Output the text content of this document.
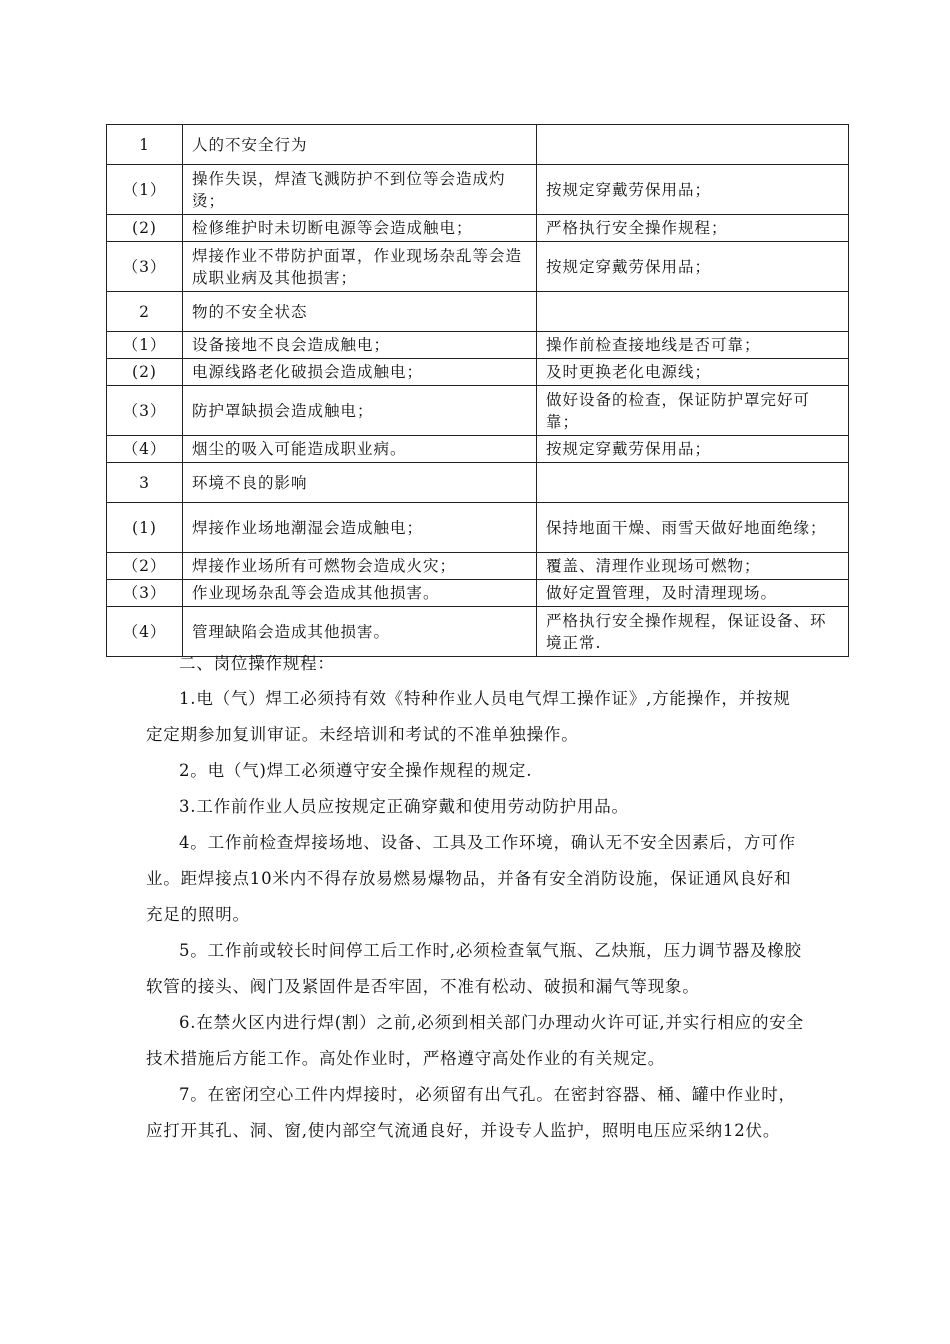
1	人的不安全行为	
（1）	操作失误，焊渣飞溅防护不到位等会造成灼烫；	按规定穿戴劳保用品；
(2)	检修维护时未切断电源等会造成触电；	严格执行安全操作规程；
（3）	焊接作业不带防护面罩，作业现场杂乱等会造成职业病及其他损害；	按规定穿戴劳保用品；
2	物的不安全状态	
（1）	设备接地不良会造成触电；	操作前检查接地线是否可靠；
(2)	电源线路老化破损会造成触电；	及时更换老化电源线；
（3）	防护罩缺损会造成触电；	做好设备的检查，保证防护罩完好可靠；
（4）	烟尘的吸入可能造成职业病。	按规定穿戴劳保用品；
3	环境不良的影响	
(1)	焊接作业场地潮湿会造成触电；	保持地面干燥、雨雪天做好地面绝缘；
（2）	焊接作业场所有可燃物会造成火灾；	覆盖、清理作业现场可燃物；
（3）	作业现场杂乱等会造成其他损害。	做好定置管理，及时清理现场。
（4）	管理缺陷会造成其他损害。	严格执行安全操作规程，保证设备、环境正常.

二、岗位操作规程：

1.电（气）焊工必须持有效《特种作业人员电气焊工操作证》,方能操作，并按规定定期参加复训审证。未经培训和考试的不准单独操作。

2。电（气)焊工必须遵守安全操作规程的规定.

3.工作前作业人员应按规定正确穿戴和使用劳动防护用品。

4。工作前检查焊接场地、设备、工具及工作环境，确认无不安全因素后，方可作业。距焊接点10米内不得存放易燃易爆物品，并备有安全消防设施，保证通风良好和充足的照明。

5。工作前或较长时间停工后工作时,必须检查氧气瓶、乙炔瓶，压力调节器及橡胶软管的接头、阀门及紧固件是否牢固，不准有松动、破损和漏气等现象。

6.在禁火区内进行焊(割）之前,必须到相关部门办理动火许可证,并实行相应的安全技术措施后方能工作。高处作业时，严格遵守高处作业的有关规定。

7。在密闭空心工件内焊接时，必须留有出气孔。在密封容器、桶、罐中作业时，应打开其孔、洞、窗,使内部空气流通良好，并设专人监护，照明电压应采纳12伏。
